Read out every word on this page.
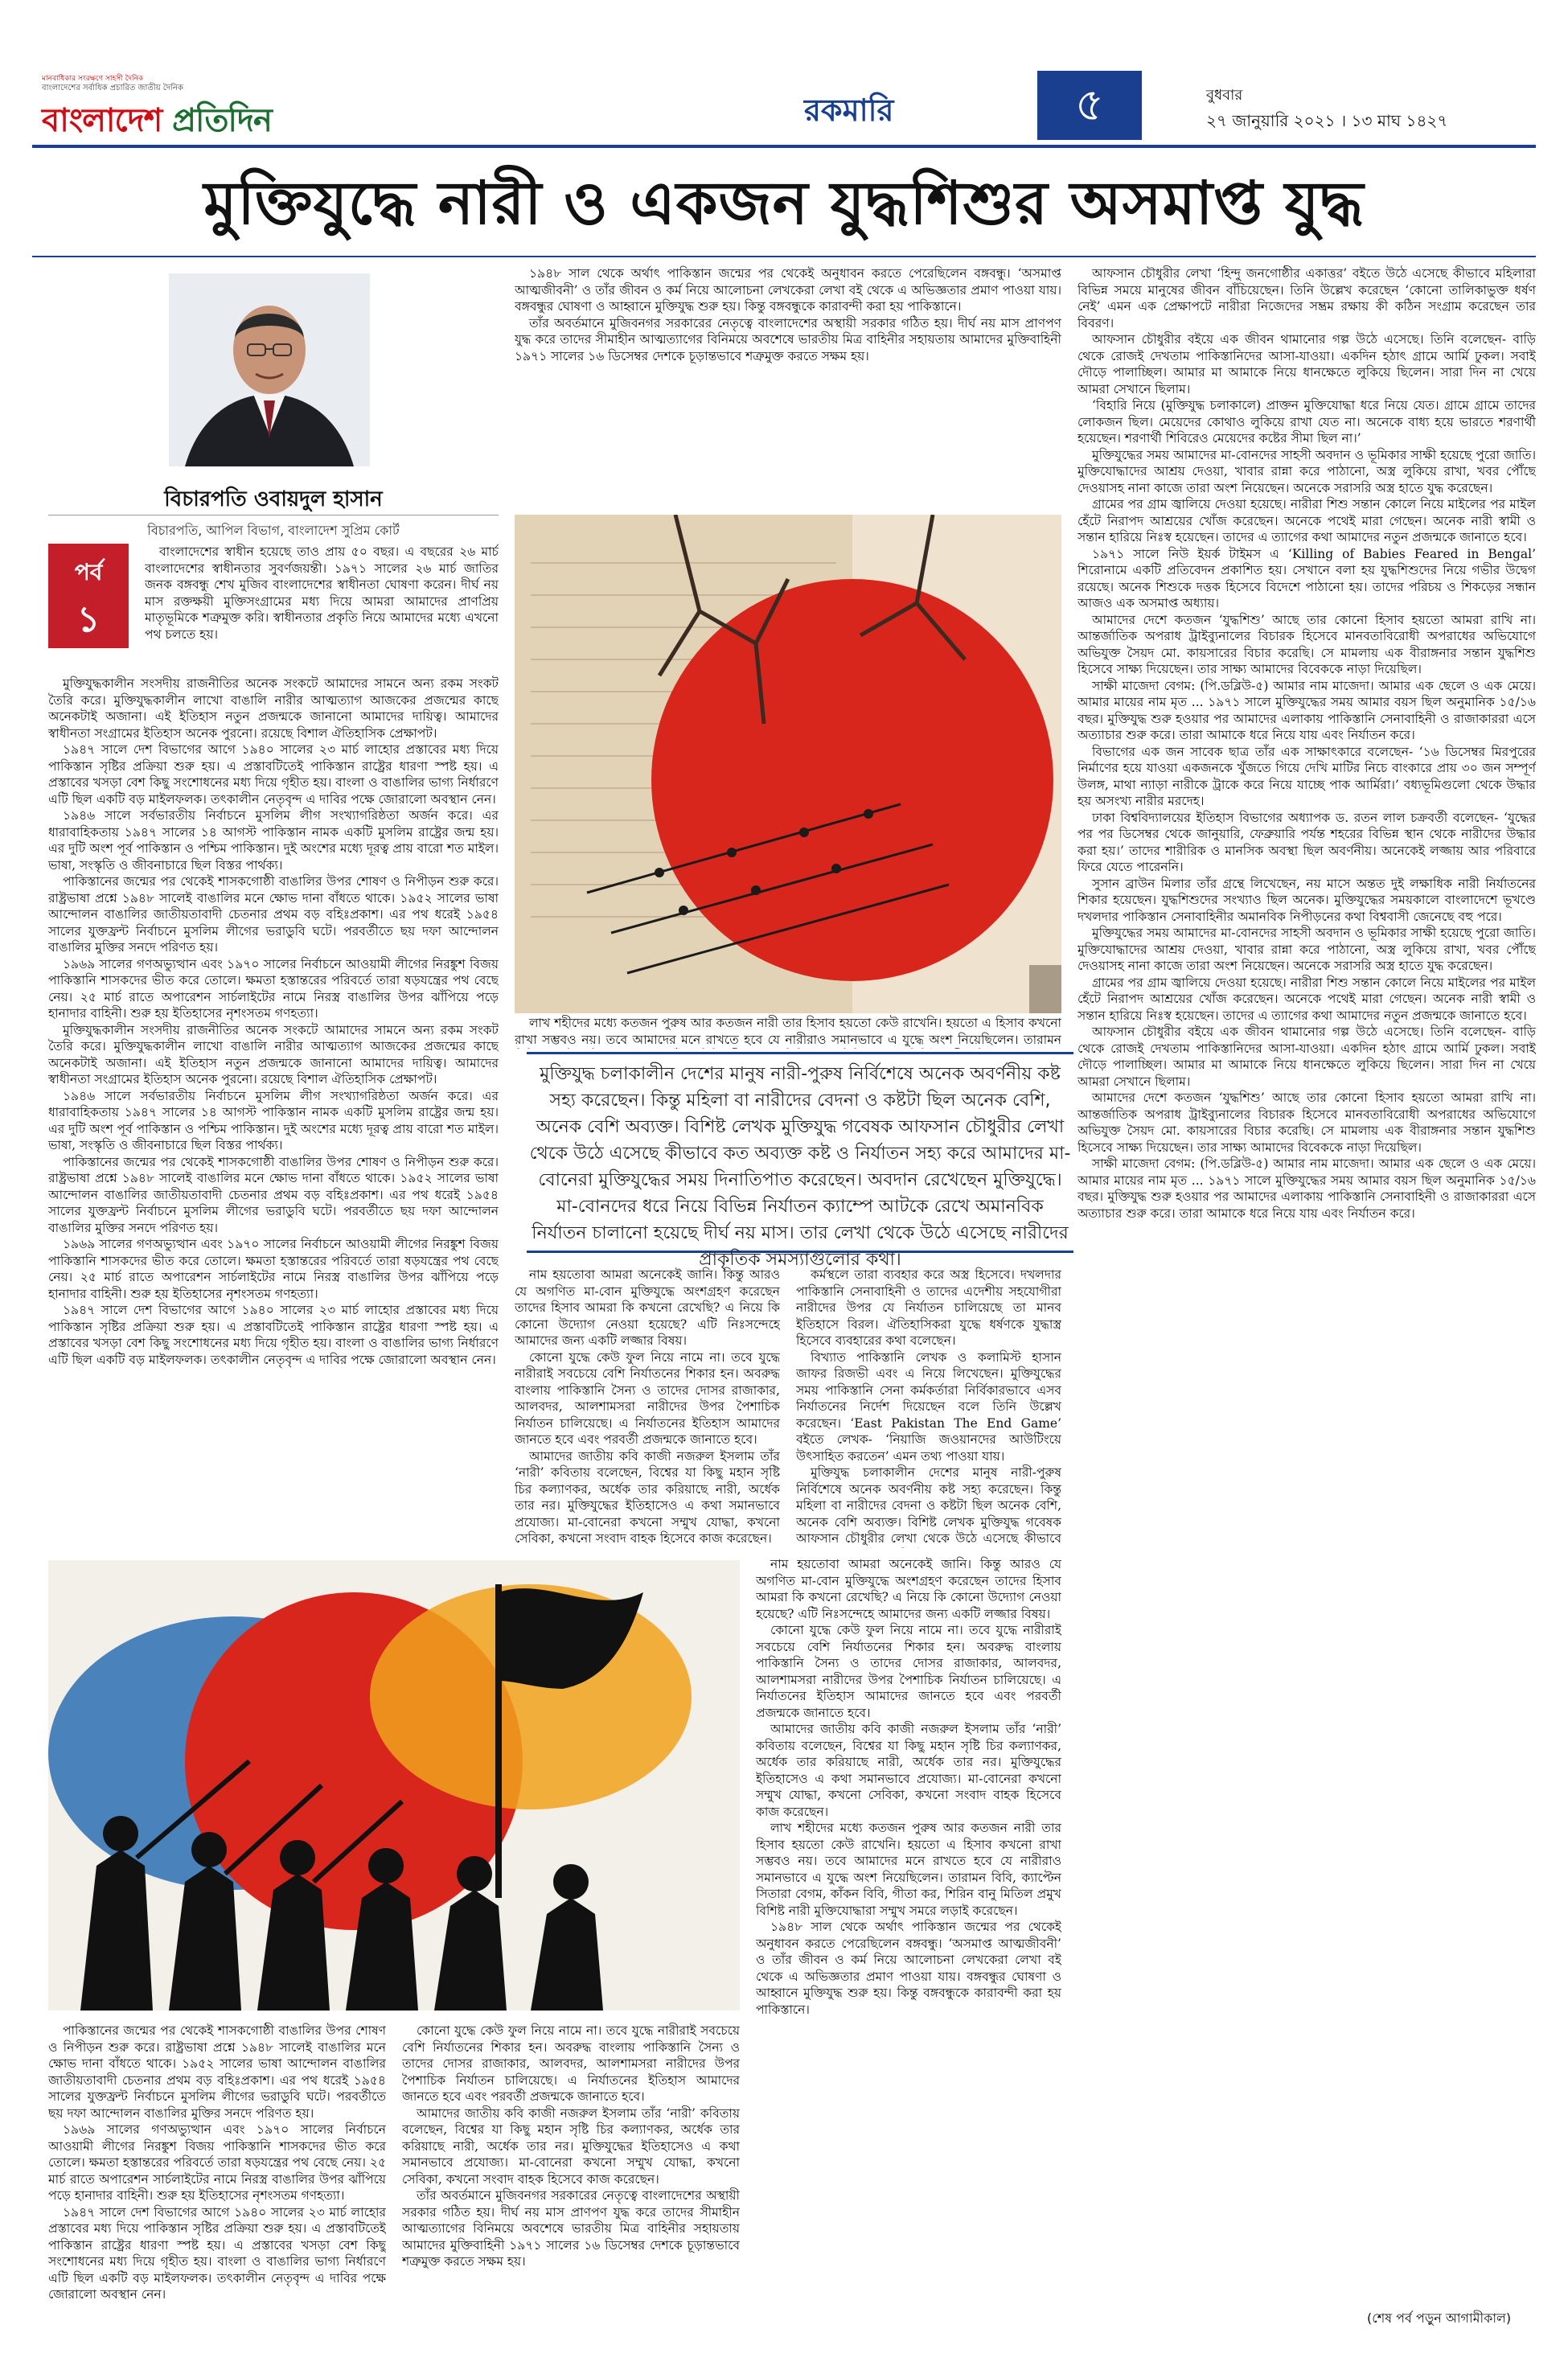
মানবাধিকার সংরক্ষণে সাহসী দৈনিক
বাংলাদেশের সর্বাধিক প্রচারিত জাতীয় দৈনিক
বাংলাদেশ প্রতিদিন	রকমারি	৫	বুধবার
২৭ জানুয়ারি ২০২১ । ১৩ মাঘ ১৪২৭
মুক্তিযুদ্ধে নারী ও একজন যুদ্ধশিশুর অসমাপ্ত যুদ্ধ
বিচারপতি ওবায়দুল হাসান
বিচারপতি, আপিল বিভাগ, বাংলাদেশ সুপ্রিম কোর্ট
পর্ব
১

বাংলাদেশের স্বাধীন হয়েছে তাও প্রায় ৫০ বছর। এ বছরের ২৬ মার্চ বাংলাদেশের স্বাধীনতার সুবর্ণজয়ন্তী। ১৯৭১ সালের ২৬ মার্চ জাতির জনক বঙ্গবন্ধু শেখ মুজিব বাংলাদেশের স্বাধীনতা ঘোষণা করেন। দীর্ঘ নয় মাস রক্তক্ষয়ী মুক্তিসংগ্রামের মধ্য দিয়ে আমরা আমাদের প্রাণপ্রিয় মাতৃভূমিকে শত্রুমুক্ত করি। স্বাধীনতার প্রকৃতি নিয়ে আমাদের মধ্যে এখনো পথ চলতে হয়।

মুক্তিযুদ্ধকালীন সংসদীয় রাজনীতির অনেক সংকটে আমাদের সামনে অন্য রকম সংকট তৈরি করে। মুক্তিযুদ্ধকালীন লাখো বাঙালি নারীর আত্মত্যাগ আজকের প্রজন্মের কাছে অনেকটাই অজানা। এই ইতিহাস নতুন প্রজন্মকে জানানো আমাদের দায়িত্ব। আমাদের স্বাধীনতা সংগ্রামের ইতিহাস অনেক পুরনো। রয়েছে বিশাল ঐতিহাসিক প্রেক্ষাপট।

১৯৪৭ সালে দেশ বিভাগের আগে ১৯৪০ সালের ২৩ মার্চ লাহোর প্রস্তাবের মধ্য দিয়ে পাকিস্তান সৃষ্টির প্রক্রিয়া শুরু হয়। এ প্রস্তাবটিতেই পাকিস্তান রাষ্ট্রের ধারণা স্পষ্ট হয়। এ প্রস্তাবের খসড়া বেশ কিছু সংশোধনের মধ্য দিয়ে গৃহীত হয়। বাংলা ও বাঙালির ভাগ্য নির্ধারণে এটি ছিল একটি বড় মাইলফলক। তৎকালীন নেতৃবৃন্দ এ দাবির পক্ষে জোরালো অবস্থান নেন।

১৯৪৬ সালে সর্বভারতীয় নির্বাচনে মুসলিম লীগ সংখ্যাগরিষ্ঠতা অর্জন করে। এর ধারাবাহিকতায় ১৯৪৭ সালের ১৪ আগস্ট পাকিস্তান নামক একটি মুসলিম রাষ্ট্রের জন্ম হয়। এর দুটি অংশ পূর্ব পাকিস্তান ও পশ্চিম পাকিস্তান। দুই অংশের মধ্যে দূরত্ব প্রায় বারো শত মাইল। ভাষা, সংস্কৃতি ও জীবনাচারে ছিল বিস্তর পার্থক্য।

পাকিস্তানের জন্মের পর থেকেই শাসকগোষ্ঠী বাঙালির উপর শোষণ ও নিপীড়ন শুরু করে। রাষ্ট্রভাষা প্রশ্নে ১৯৪৮ সালেই বাঙালির মনে ক্ষোভ দানা বাঁধতে থাকে। ১৯৫২ সালের ভাষা আন্দোলন বাঙালির জাতীয়তাবাদী চেতনার প্রথম বড় বহিঃপ্রকাশ। এর পথ ধরেই ১৯৫৪ সালের যুক্তফ্রন্ট নির্বাচনে মুসলিম লীগের ভরাডুবি ঘটে। পরবর্তীতে ছয় দফা আন্দোলন বাঙালির মুক্তির সনদে পরিণত হয়।

১৯৬৯ সালের গণঅভ্যুত্থান এবং ১৯৭০ সালের নির্বাচনে আওয়ামী লীগের নিরঙ্কুশ বিজয় পাকিস্তানি শাসকদের ভীত করে তোলে। ক্ষমতা হস্তান্তরের পরিবর্তে তারা ষড়যন্ত্রের পথ বেছে নেয়। ২৫ মার্চ রাতে অপারেশন সার্চলাইটের নামে নিরস্ত্র বাঙালির উপর ঝাঁপিয়ে পড়ে হানাদার বাহিনী। শুরু হয় ইতিহাসের নৃশংসতম গণহত্যা।

মুক্তিযুদ্ধকালীন সংসদীয় রাজনীতির অনেক সংকটে আমাদের সামনে অন্য রকম সংকট তৈরি করে। মুক্তিযুদ্ধকালীন লাখো বাঙালি নারীর আত্মত্যাগ আজকের প্রজন্মের কাছে অনেকটাই অজানা। এই ইতিহাস নতুন প্রজন্মকে জানানো আমাদের দায়িত্ব। আমাদের স্বাধীনতা সংগ্রামের ইতিহাস অনেক পুরনো। রয়েছে বিশাল ঐতিহাসিক প্রেক্ষাপট।

১৯৪৬ সালে সর্বভারতীয় নির্বাচনে মুসলিম লীগ সংখ্যাগরিষ্ঠতা অর্জন করে। এর ধারাবাহিকতায় ১৯৪৭ সালের ১৪ আগস্ট পাকিস্তান নামক একটি মুসলিম রাষ্ট্রের জন্ম হয়। এর দুটি অংশ পূর্ব পাকিস্তান ও পশ্চিম পাকিস্তান। দুই অংশের মধ্যে দূরত্ব প্রায় বারো শত মাইল। ভাষা, সংস্কৃতি ও জীবনাচারে ছিল বিস্তর পার্থক্য।

পাকিস্তানের জন্মের পর থেকেই শাসকগোষ্ঠী বাঙালির উপর শোষণ ও নিপীড়ন শুরু করে। রাষ্ট্রভাষা প্রশ্নে ১৯৪৮ সালেই বাঙালির মনে ক্ষোভ দানা বাঁধতে থাকে। ১৯৫২ সালের ভাষা আন্দোলন বাঙালির জাতীয়তাবাদী চেতনার প্রথম বড় বহিঃপ্রকাশ। এর পথ ধরেই ১৯৫৪ সালের যুক্তফ্রন্ট নির্বাচনে মুসলিম লীগের ভরাডুবি ঘটে। পরবর্তীতে ছয় দফা আন্দোলন বাঙালির মুক্তির সনদে পরিণত হয়।

১৯৬৯ সালের গণঅভ্যুত্থান এবং ১৯৭০ সালের নির্বাচনে আওয়ামী লীগের নিরঙ্কুশ বিজয় পাকিস্তানি শাসকদের ভীত করে তোলে। ক্ষমতা হস্তান্তরের পরিবর্তে তারা ষড়যন্ত্রের পথ বেছে নেয়। ২৫ মার্চ রাতে অপারেশন সার্চলাইটের নামে নিরস্ত্র বাঙালির উপর ঝাঁপিয়ে পড়ে হানাদার বাহিনী। শুরু হয় ইতিহাসের নৃশংসতম গণহত্যা।

১৯৪৭ সালে দেশ বিভাগের আগে ১৯৪০ সালের ২৩ মার্চ লাহোর প্রস্তাবের মধ্য দিয়ে পাকিস্তান সৃষ্টির প্রক্রিয়া শুরু হয়। এ প্রস্তাবটিতেই পাকিস্তান রাষ্ট্রের ধারণা স্পষ্ট হয়। এ প্রস্তাবের খসড়া বেশ কিছু সংশোধনের মধ্য দিয়ে গৃহীত হয়। বাংলা ও বাঙালির ভাগ্য নির্ধারণে এটি ছিল একটি বড় মাইলফলক। তৎকালীন নেতৃবৃন্দ এ দাবির পক্ষে জোরালো অবস্থান নেন।

১৯৪৮ সাল থেকে অর্থাৎ পাকিস্তান জন্মের পর থেকেই অনুধাবন করতে পেরেছিলেন বঙ্গবন্ধু। ‘অসমাপ্ত আত্মজীবনী’ ও তাঁর জীবন ও কর্ম নিয়ে আলোচনা লেখকেরা লেখা বই থেকে এ অভিজ্ঞতার প্রমাণ পাওয়া যায়। বঙ্গবন্ধুর ঘোষণা ও আহ্বানে মুক্তিযুদ্ধ শুরু হয়। কিন্তু বঙ্গবন্ধুকে কারাবন্দী করা হয় পাকিস্তানে।

তাঁর অবর্তমানে মুজিবনগর সরকারের নেতৃত্বে বাংলাদেশের অস্থায়ী সরকার গঠিত হয়। দীর্ঘ নয় মাস প্রাণপণ যুদ্ধ করে তাদের সীমাহীন আত্মত্যাগের বিনিময়ে অবশেষে ভারতীয় মিত্র বাহিনীর সহায়তায় আমাদের মুক্তিবাহিনী ১৯৭১ সালের ১৬ ডিসেম্বর দেশকে চূড়ান্তভাবে শত্রুমুক্ত করতে সক্ষম হয়।

মুক্তিযুদ্ধ চলাকালীন দেশের মানুষ নারী-পুরুষ নির্বিশেষে অনেক অবর্ণনীয় কষ্ট সহ্য করেছেন। কিন্তু মহিলা বা নারীদের বেদনা ও কষ্টটা ছিল অনেক বেশি, অনেক বেশি অব্যক্ত। বিশিষ্ট লেখক মুক্তিযুদ্ধ গবেষক আফসান চৌধুরীর লেখা থেকে উঠে এসেছে কীভাবে কত অব্যক্ত কষ্ট ও নির্যাতন সহ্য করে আমাদের মা-বোনেরা মুক্তিযুদ্ধের সময় দিনাতিপাত করেছেন। অবদান রেখেছেন মুক্তিযুদ্ধে। মা-বোনদের ধরে নিয়ে বিভিন্ন নির্যাতন ক্যাম্পে আটকে রেখে অমানবিক নির্যাতন চালানো হয়েছে দীর্ঘ নয় মাস। তার লেখা থেকে উঠে এসেছে নারীদের প্রাকৃতিক সমস্যাগুলোর কথা।

লাখ শহীদের মধ্যে কতজন পুরুষ আর কতজন নারী তার হিসাব হয়তো কেউ রাখেনি। হয়তো এ হিসাব কখনো রাখা সম্ভবও নয়। তবে আমাদের মনে রাখতে হবে যে নারীরাও সমানভাবে এ যুদ্ধে অংশ নিয়েছিলেন। তারামন

নাম হয়তোবা আমরা অনেকেই জানি। কিন্তু আরও যে অগণিত মা-বোন মুক্তিযুদ্ধে অংশগ্রহণ করেছেন তাদের হিসাব আমরা কি কখনো রেখেছি? এ নিয়ে কি কোনো উদ্যোগ নেওয়া হয়েছে? এটি নিঃসন্দেহে আমাদের জন্য একটি লজ্জার বিষয়।

কোনো যুদ্ধে কেউ ফুল নিয়ে নামে না। তবে যুদ্ধে নারীরাই সবচেয়ে বেশি নির্যাতনের শিকার হন। অবরুদ্ধ বাংলায় পাকিস্তানি সৈন্য ও তাদের দোসর রাজাকার, আলবদর, আলশামসরা নারীদের উপর পৈশাচিক নির্যাতন চালিয়েছে। এ নির্যাতনের ইতিহাস আমাদের জানতে হবে এবং পরবর্তী প্রজন্মকে জানাতে হবে।

আমাদের জাতীয় কবি কাজী নজরুল ইসলাম তাঁর ‘নারী’ কবিতায় বলেছেন, বিশ্বের যা কিছু মহান সৃষ্টি চির কল্যাণকর, অর্ধেক তার করিয়াছে নারী, অর্ধেক তার নর। মুক্তিযুদ্ধের ইতিহাসেও এ কথা সমানভাবে প্রযোজ্য। মা-বোনেরা কখনো সম্মুখ যোদ্ধা, কখনো সেবিকা, কখনো সংবাদ বাহক হিসেবে কাজ করেছেন।

কর্মস্থলে তারা ব্যবহার করে অস্ত্র হিসেবে। দখলদার পাকিস্তানি সেনাবাহিনী ও তাদের এদেশীয় সহযোগীরা নারীদের উপর যে নির্যাতন চালিয়েছে তা মানব ইতিহাসে বিরল। ঐতিহাসিকরা যুদ্ধে ধর্ষণকে যুদ্ধাস্ত্র হিসেবে ব্যবহারের কথা বলেছেন।

বিখ্যাত পাকিস্তানি লেখক ও কলামিস্ট হাসান জাফর রিজভী এবং এ নিয়ে লিখেছেন। মুক্তিযুদ্ধের সময় পাকিস্তানি সেনা কর্মকর্তারা নির্বিকারভাবে এসব নির্যাতনের নির্দেশ দিয়েছেন বলে তিনি উল্লেখ করেছেন। ‘East Pakistan The End Game’ বইতে লেখক- ‘নিয়াজি জওয়ানদের আউটিংয়ে উৎসাহিত করতেন’ এমন তথ্য পাওয়া যায়।

মুক্তিযুদ্ধ চলাকালীন দেশের মানুষ নারী-পুরুষ নির্বিশেষে অনেক অবর্ণনীয় কষ্ট সহ্য করেছেন। কিন্তু মহিলা বা নারীদের বেদনা ও কষ্টটা ছিল অনেক বেশি, অনেক বেশি অব্যক্ত। বিশিষ্ট লেখক মুক্তিযুদ্ধ গবেষক আফসান চৌধুরীর লেখা থেকে উঠে এসেছে কীভাবে

পাকিস্তানের জন্মের পর থেকেই শাসকগোষ্ঠী বাঙালির উপর শোষণ ও নিপীড়ন শুরু করে। রাষ্ট্রভাষা প্রশ্নে ১৯৪৮ সালেই বাঙালির মনে ক্ষোভ দানা বাঁধতে থাকে। ১৯৫২ সালের ভাষা আন্দোলন বাঙালির জাতীয়তাবাদী চেতনার প্রথম বড় বহিঃপ্রকাশ। এর পথ ধরেই ১৯৫৪ সালের যুক্তফ্রন্ট নির্বাচনে মুসলিম লীগের ভরাডুবি ঘটে। পরবর্তীতে ছয় দফা আন্দোলন বাঙালির মুক্তির সনদে পরিণত হয়।

১৯৬৯ সালের গণঅভ্যুত্থান এবং ১৯৭০ সালের নির্বাচনে আওয়ামী লীগের নিরঙ্কুশ বিজয় পাকিস্তানি শাসকদের ভীত করে তোলে। ক্ষমতা হস্তান্তরের পরিবর্তে তারা ষড়যন্ত্রের পথ বেছে নেয়। ২৫ মার্চ রাতে অপারেশন সার্চলাইটের নামে নিরস্ত্র বাঙালির উপর ঝাঁপিয়ে পড়ে হানাদার বাহিনী। শুরু হয় ইতিহাসের নৃশংসতম গণহত্যা।

১৯৪৭ সালে দেশ বিভাগের আগে ১৯৪০ সালের ২৩ মার্চ লাহোর প্রস্তাবের মধ্য দিয়ে পাকিস্তান সৃষ্টির প্রক্রিয়া শুরু হয়। এ প্রস্তাবটিতেই পাকিস্তান রাষ্ট্রের ধারণা স্পষ্ট হয়। এ প্রস্তাবের খসড়া বেশ কিছু সংশোধনের মধ্য দিয়ে গৃহীত হয়। বাংলা ও বাঙালির ভাগ্য নির্ধারণে এটি ছিল একটি বড় মাইলফলক। তৎকালীন নেতৃবৃন্দ এ দাবির পক্ষে জোরালো অবস্থান নেন।

কোনো যুদ্ধে কেউ ফুল নিয়ে নামে না। তবে যুদ্ধে নারীরাই সবচেয়ে বেশি নির্যাতনের শিকার হন। অবরুদ্ধ বাংলায় পাকিস্তানি সৈন্য ও তাদের দোসর রাজাকার, আলবদর, আলশামসরা নারীদের উপর পৈশাচিক নির্যাতন চালিয়েছে। এ নির্যাতনের ইতিহাস আমাদের জানতে হবে এবং পরবর্তী প্রজন্মকে জানাতে হবে।

আমাদের জাতীয় কবি কাজী নজরুল ইসলাম তাঁর ‘নারী’ কবিতায় বলেছেন, বিশ্বের যা কিছু মহান সৃষ্টি চির কল্যাণকর, অর্ধেক তার করিয়াছে নারী, অর্ধেক তার নর। মুক্তিযুদ্ধের ইতিহাসেও এ কথা সমানভাবে প্রযোজ্য। মা-বোনেরা কখনো সম্মুখ যোদ্ধা, কখনো সেবিকা, কখনো সংবাদ বাহক হিসেবে কাজ করেছেন।

তাঁর অবর্তমানে মুজিবনগর সরকারের নেতৃত্বে বাংলাদেশের অস্থায়ী সরকার গঠিত হয়। দীর্ঘ নয় মাস প্রাণপণ যুদ্ধ করে তাদের সীমাহীন আত্মত্যাগের বিনিময়ে অবশেষে ভারতীয় মিত্র বাহিনীর সহায়তায় আমাদের মুক্তিবাহিনী ১৯৭১ সালের ১৬ ডিসেম্বর দেশকে চূড়ান্তভাবে শত্রুমুক্ত করতে সক্ষম হয়।

নাম হয়তোবা আমরা অনেকেই জানি। কিন্তু আরও যে অগণিত মা-বোন মুক্তিযুদ্ধে অংশগ্রহণ করেছেন তাদের হিসাব আমরা কি কখনো রেখেছি? এ নিয়ে কি কোনো উদ্যোগ নেওয়া হয়েছে? এটি নিঃসন্দেহে আমাদের জন্য একটি লজ্জার বিষয়।

কোনো যুদ্ধে কেউ ফুল নিয়ে নামে না। তবে যুদ্ধে নারীরাই সবচেয়ে বেশি নির্যাতনের শিকার হন। অবরুদ্ধ বাংলায় পাকিস্তানি সৈন্য ও তাদের দোসর রাজাকার, আলবদর, আলশামসরা নারীদের উপর পৈশাচিক নির্যাতন চালিয়েছে। এ নির্যাতনের ইতিহাস আমাদের জানতে হবে এবং পরবর্তী প্রজন্মকে জানাতে হবে।

আমাদের জাতীয় কবি কাজী নজরুল ইসলাম তাঁর ‘নারী’ কবিতায় বলেছেন, বিশ্বের যা কিছু মহান সৃষ্টি চির কল্যাণকর, অর্ধেক তার করিয়াছে নারী, অর্ধেক তার নর। মুক্তিযুদ্ধের ইতিহাসেও এ কথা সমানভাবে প্রযোজ্য। মা-বোনেরা কখনো সম্মুখ যোদ্ধা, কখনো সেবিকা, কখনো সংবাদ বাহক হিসেবে কাজ করেছেন।

লাখ শহীদের মধ্যে কতজন পুরুষ আর কতজন নারী তার হিসাব হয়তো কেউ রাখেনি। হয়তো এ হিসাব কখনো রাখা সম্ভবও নয়। তবে আমাদের মনে রাখতে হবে যে নারীরাও সমানভাবে এ যুদ্ধে অংশ নিয়েছিলেন। তারামন বিবি, ক্যাপ্টেন সিতারা বেগম, কাঁকন বিবি, গীতা কর, শিরিন বানু মিতিল প্রমুখ বিশিষ্ট নারী মুক্তিযোদ্ধারা সম্মুখ সমরে লড়াই করেছেন।

১৯৪৮ সাল থেকে অর্থাৎ পাকিস্তান জন্মের পর থেকেই অনুধাবন করতে পেরেছিলেন বঙ্গবন্ধু। ‘অসমাপ্ত আত্মজীবনী’ ও তাঁর জীবন ও কর্ম নিয়ে আলোচনা লেখকেরা লেখা বই থেকে এ অভিজ্ঞতার প্রমাণ পাওয়া যায়। বঙ্গবন্ধুর ঘোষণা ও আহ্বানে মুক্তিযুদ্ধ শুরু হয়। কিন্তু বঙ্গবন্ধুকে কারাবন্দী করা হয় পাকিস্তানে।

(শেষ পর্ব পড়ুন আগামীকাল)

আফসান চৌধুরীর লেখা ‘হিন্দু জনগোষ্ঠীর একাত্তর’ বইতে উঠে এসেছে কীভাবে মহিলারা বিভিন্ন সময়ে মানুষের জীবন বাঁচিয়েছেন। তিনি উল্লেখ করেছেন ‘কোনো তালিকাভুক্ত ধর্ষণ নেই’ এমন এক প্রেক্ষাপটে নারীরা নিজেদের সম্ভ্রম রক্ষায় কী কঠিন সংগ্রাম করেছেন তার বিবরণ।

আফসান চৌধুরীর বইয়ে এক জীবন থামানোর গল্প উঠে এসেছে। তিনি বলেছেন- বাড়ি থেকে রোজই দেখতাম পাকিস্তানিদের আসা-যাওয়া। একদিন হঠাৎ গ্রামে আর্মি ঢুকল। সবাই দৌড়ে পালাচ্ছিল। আমার মা আমাকে নিয়ে ধানক্ষেতে লুকিয়ে ছিলেন। সারা দিন না খেয়ে আমরা সেখানে ছিলাম।

‘বিহারি নিয়ে (মুক্তিযুদ্ধ চলাকালে) প্রাক্তন মুক্তিযোদ্ধা ধরে নিয়ে যেত। গ্রামে গ্রামে তাদের লোকজন ছিল। মেয়েদের কোথাও লুকিয়ে রাখা যেত না। অনেকে বাধ্য হয়ে ভারতে শরণার্থী হয়েছেন। শরণার্থী শিবিরেও মেয়েদের কষ্টের সীমা ছিল না।’

মুক্তিযুদ্ধের সময় আমাদের মা-বোনদের সাহসী অবদান ও ভূমিকার সাক্ষী হয়েছে পুরো জাতি। মুক্তিযোদ্ধাদের আশ্রয় দেওয়া, খাবার রান্না করে পাঠানো, অস্ত্র লুকিয়ে রাখা, খবর পৌঁছে দেওয়াসহ নানা কাজে তারা অংশ নিয়েছেন। অনেকে সরাসরি অস্ত্র হাতে যুদ্ধ করেছেন।

গ্রামের পর গ্রাম জ্বালিয়ে দেওয়া হয়েছে। নারীরা শিশু সন্তান কোলে নিয়ে মাইলের পর মাইল হেঁটে নিরাপদ আশ্রয়ের খোঁজ করেছেন। অনেকে পথেই মারা গেছেন। অনেক নারী স্বামী ও সন্তান হারিয়ে নিঃস্ব হয়েছেন। তাদের এ ত্যাগের কথা আমাদের নতুন প্রজন্মকে জানাতে হবে।

১৯৭১ সালে নিউ ইয়র্ক টাইমস এ ‘Killing of Babies Feared in Bengal’ শিরোনামে একটি প্রতিবেদন প্রকাশিত হয়। সেখানে বলা হয় যুদ্ধশিশুদের নিয়ে গভীর উদ্বেগ রয়েছে। অনেক শিশুকে দত্তক হিসেবে বিদেশে পাঠানো হয়। তাদের পরিচয় ও শিকড়ের সন্ধান আজও এক অসমাপ্ত অধ্যায়।

আমাদের দেশে কতজন ‘যুদ্ধশিশু’ আছে তার কোনো হিসাব হয়তো আমরা রাখি না। আন্তর্জাতিক অপরাধ ট্রাইব্যুনালের বিচারক হিসেবে মানবতাবিরোধী অপরাধের অভিযোগে অভিযুক্ত সৈয়দ মো. কায়সারের বিচার করেছি। সে মামলায় এক বীরাঙ্গনার সন্তান যুদ্ধশিশু হিসেবে সাক্ষ্য দিয়েছেন। তার সাক্ষ্য আমাদের বিবেককে নাড়া দিয়েছিল।

সাক্ষী মাজেদা বেগম: (পি.ডব্লিউ-৫) আমার নাম মাজেদা। আমার এক ছেলে ও এক মেয়ে। আমার মায়ের নাম মৃত ... ১৯৭১ সালে মুক্তিযুদ্ধের সময় আমার বয়স ছিল অনুমানিক ১৫/১৬ বছর। মুক্তিযুদ্ধ শুরু হওয়ার পর আমাদের এলাকায় পাকিস্তানি সেনাবাহিনী ও রাজাকাররা এসে অত্যাচার শুরু করে। তারা আমাকে ধরে নিয়ে যায় এবং নির্যাতন করে।

বিভাগের এক জন সাবেক ছাত্র তাঁর এক সাক্ষাৎকারে বলেছেন- ‘১৬ ডিসেম্বর মিরপুরের নির্মাণের হয়ে যাওয়া একজনকে খুঁজতে গিয়ে দেখি মাটির নিচে বাংকারে প্রায় ৩০ জন সম্পূর্ণ উলঙ্গ, মাথা ন্যাড়া নারীকে ট্রাকে করে নিয়ে যাচ্ছে পাক আর্মিরা।’ বধ্যভূমিগুলো থেকে উদ্ধার হয় অসংখ্য নারীর মরদেহ।

ঢাকা বিশ্ববিদ্যালয়ের ইতিহাস বিভাগের অধ্যাপক ড. রতন লাল চক্রবর্তী বলেছেন- ‘যুদ্ধের পর পর ডিসেম্বর থেকে জানুয়ারি, ফেব্রুয়ারি পর্যন্ত শহরের বিভিন্ন স্থান থেকে নারীদের উদ্ধার করা হয়।’ তাদের শারীরিক ও মানসিক অবস্থা ছিল অবর্ণনীয়। অনেকেই লজ্জায় আর পরিবারে ফিরে যেতে পারেননি।

সুসান ব্রাউন মিলার তাঁর গ্রন্থে লিখেছেন, নয় মাসে অন্তত দুই লক্ষাধিক নারী নির্যাতনের শিকার হয়েছেন। যুদ্ধশিশুদের সংখ্যাও ছিল অনেক। মুক্তিযুদ্ধের সময়কালে বাংলাদেশে ভূখণ্ডে দখলদার পাকিস্তান সেনাবাহিনীর অমানবিক নিপীড়নের কথা বিশ্ববাসী জেনেছে বহু পরে।

মুক্তিযুদ্ধের সময় আমাদের মা-বোনদের সাহসী অবদান ও ভূমিকার সাক্ষী হয়েছে পুরো জাতি। মুক্তিযোদ্ধাদের আশ্রয় দেওয়া, খাবার রান্না করে পাঠানো, অস্ত্র লুকিয়ে রাখা, খবর পৌঁছে দেওয়াসহ নানা কাজে তারা অংশ নিয়েছেন। অনেকে সরাসরি অস্ত্র হাতে যুদ্ধ করেছেন।

গ্রামের পর গ্রাম জ্বালিয়ে দেওয়া হয়েছে। নারীরা শিশু সন্তান কোলে নিয়ে মাইলের পর মাইল হেঁটে নিরাপদ আশ্রয়ের খোঁজ করেছেন। অনেকে পথেই মারা গেছেন। অনেক নারী স্বামী ও সন্তান হারিয়ে নিঃস্ব হয়েছেন। তাদের এ ত্যাগের কথা আমাদের নতুন প্রজন্মকে জানাতে হবে।

আফসান চৌধুরীর বইয়ে এক জীবন থামানোর গল্প উঠে এসেছে। তিনি বলেছেন- বাড়ি থেকে রোজই দেখতাম পাকিস্তানিদের আসা-যাওয়া। একদিন হঠাৎ গ্রামে আর্মি ঢুকল। সবাই দৌড়ে পালাচ্ছিল। আমার মা আমাকে নিয়ে ধানক্ষেতে লুকিয়ে ছিলেন। সারা দিন না খেয়ে আমরা সেখানে ছিলাম।

আমাদের দেশে কতজন ‘যুদ্ধশিশু’ আছে তার কোনো হিসাব হয়তো আমরা রাখি না। আন্তর্জাতিক অপরাধ ট্রাইব্যুনালের বিচারক হিসেবে মানবতাবিরোধী অপরাধের অভিযোগে অভিযুক্ত সৈয়দ মো. কায়সারের বিচার করেছি। সে মামলায় এক বীরাঙ্গনার সন্তান যুদ্ধশিশু হিসেবে সাক্ষ্য দিয়েছেন। তার সাক্ষ্য আমাদের বিবেককে নাড়া দিয়েছিল।

সাক্ষী মাজেদা বেগম: (পি.ডব্লিউ-৫) আমার নাম মাজেদা। আমার এক ছেলে ও এক মেয়ে। আমার মায়ের নাম মৃত ... ১৯৭১ সালে মুক্তিযুদ্ধের সময় আমার বয়স ছিল অনুমানিক ১৫/১৬ বছর। মুক্তিযুদ্ধ শুরু হওয়ার পর আমাদের এলাকায় পাকিস্তানি সেনাবাহিনী ও রাজাকাররা এসে অত্যাচার শুরু করে। তারা আমাকে ধরে নিয়ে যায় এবং নির্যাতন করে।
